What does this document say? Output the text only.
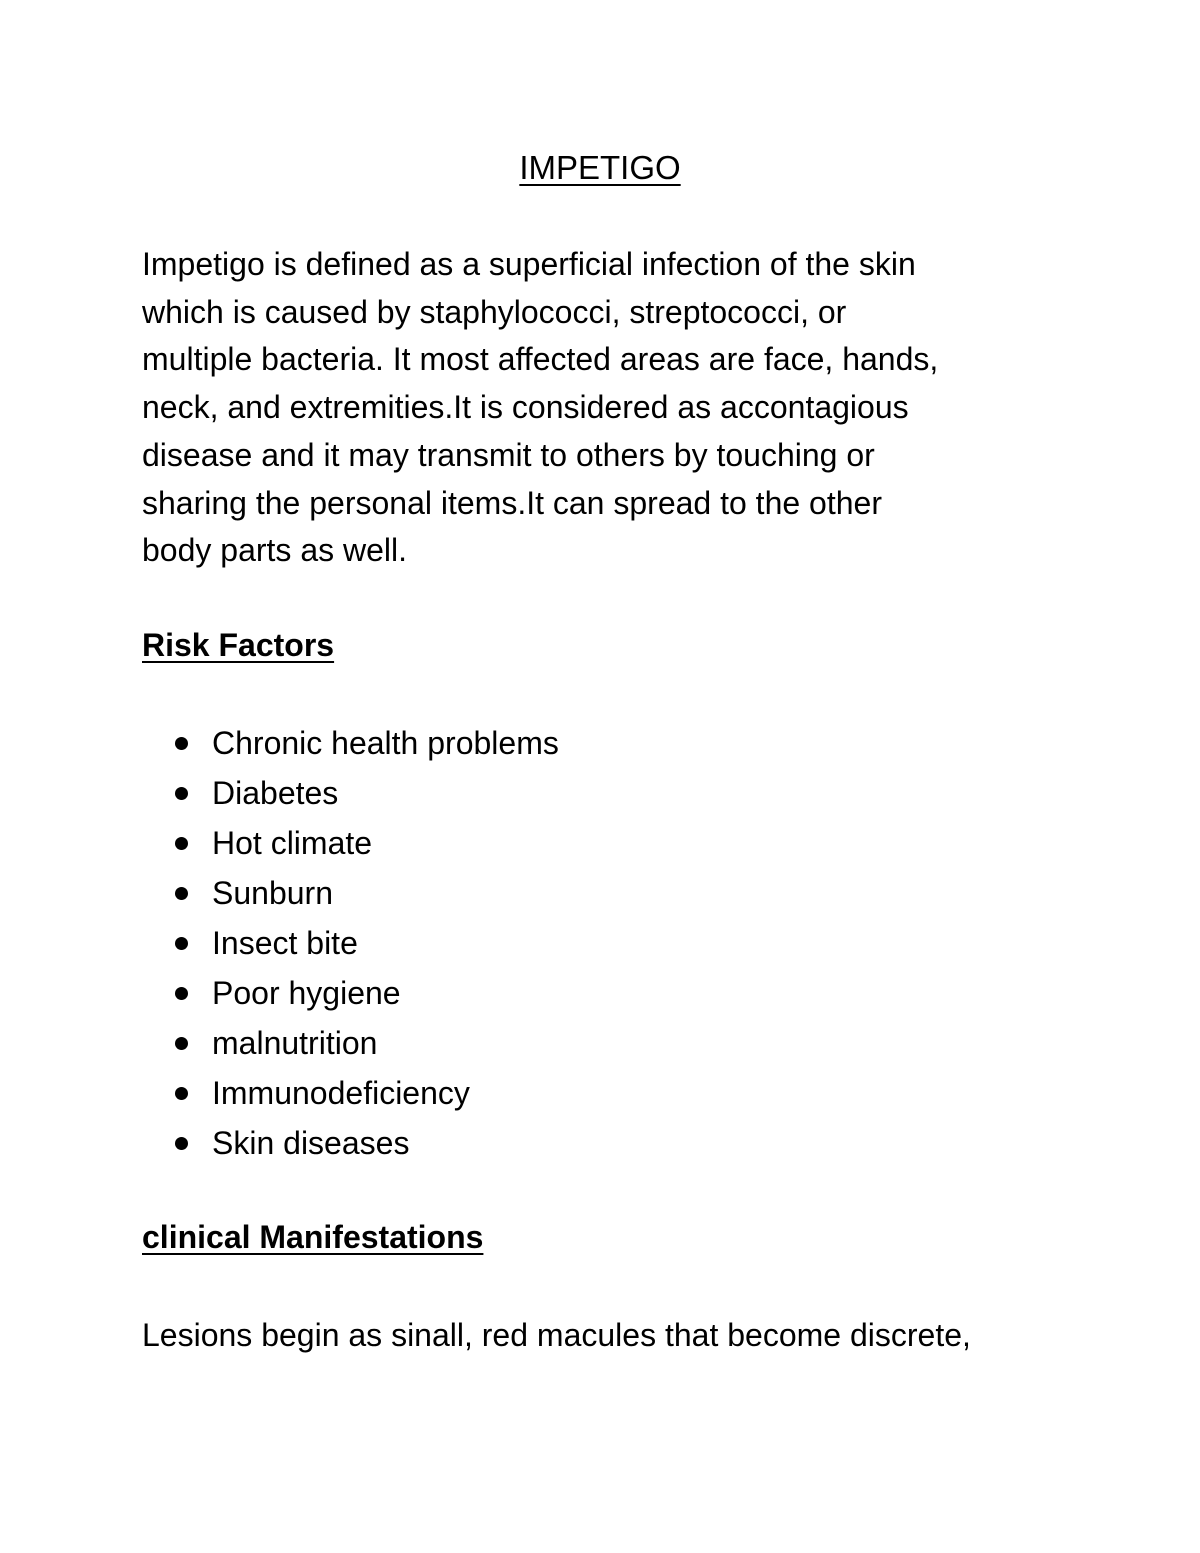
IMPETIGO

Impetigo is defined as a superficial infection of the skin
which is caused by staphylococci, streptococci, or
multiple bacteria. It most affected areas are face, hands,
neck, and extremities.It is considered as accontagious
disease and it may transmit to others by touching or
sharing the personal items.It can spread to the other
body parts as well.

Risk Factors
Chronic health problems
Diabetes
Hot climate
Sunburn
Insect bite
Poor hygiene
malnutrition
Immunodeficiency
Skin diseases
clinical Manifestations
Lesions begin as sinall, red macules that become discrete,
